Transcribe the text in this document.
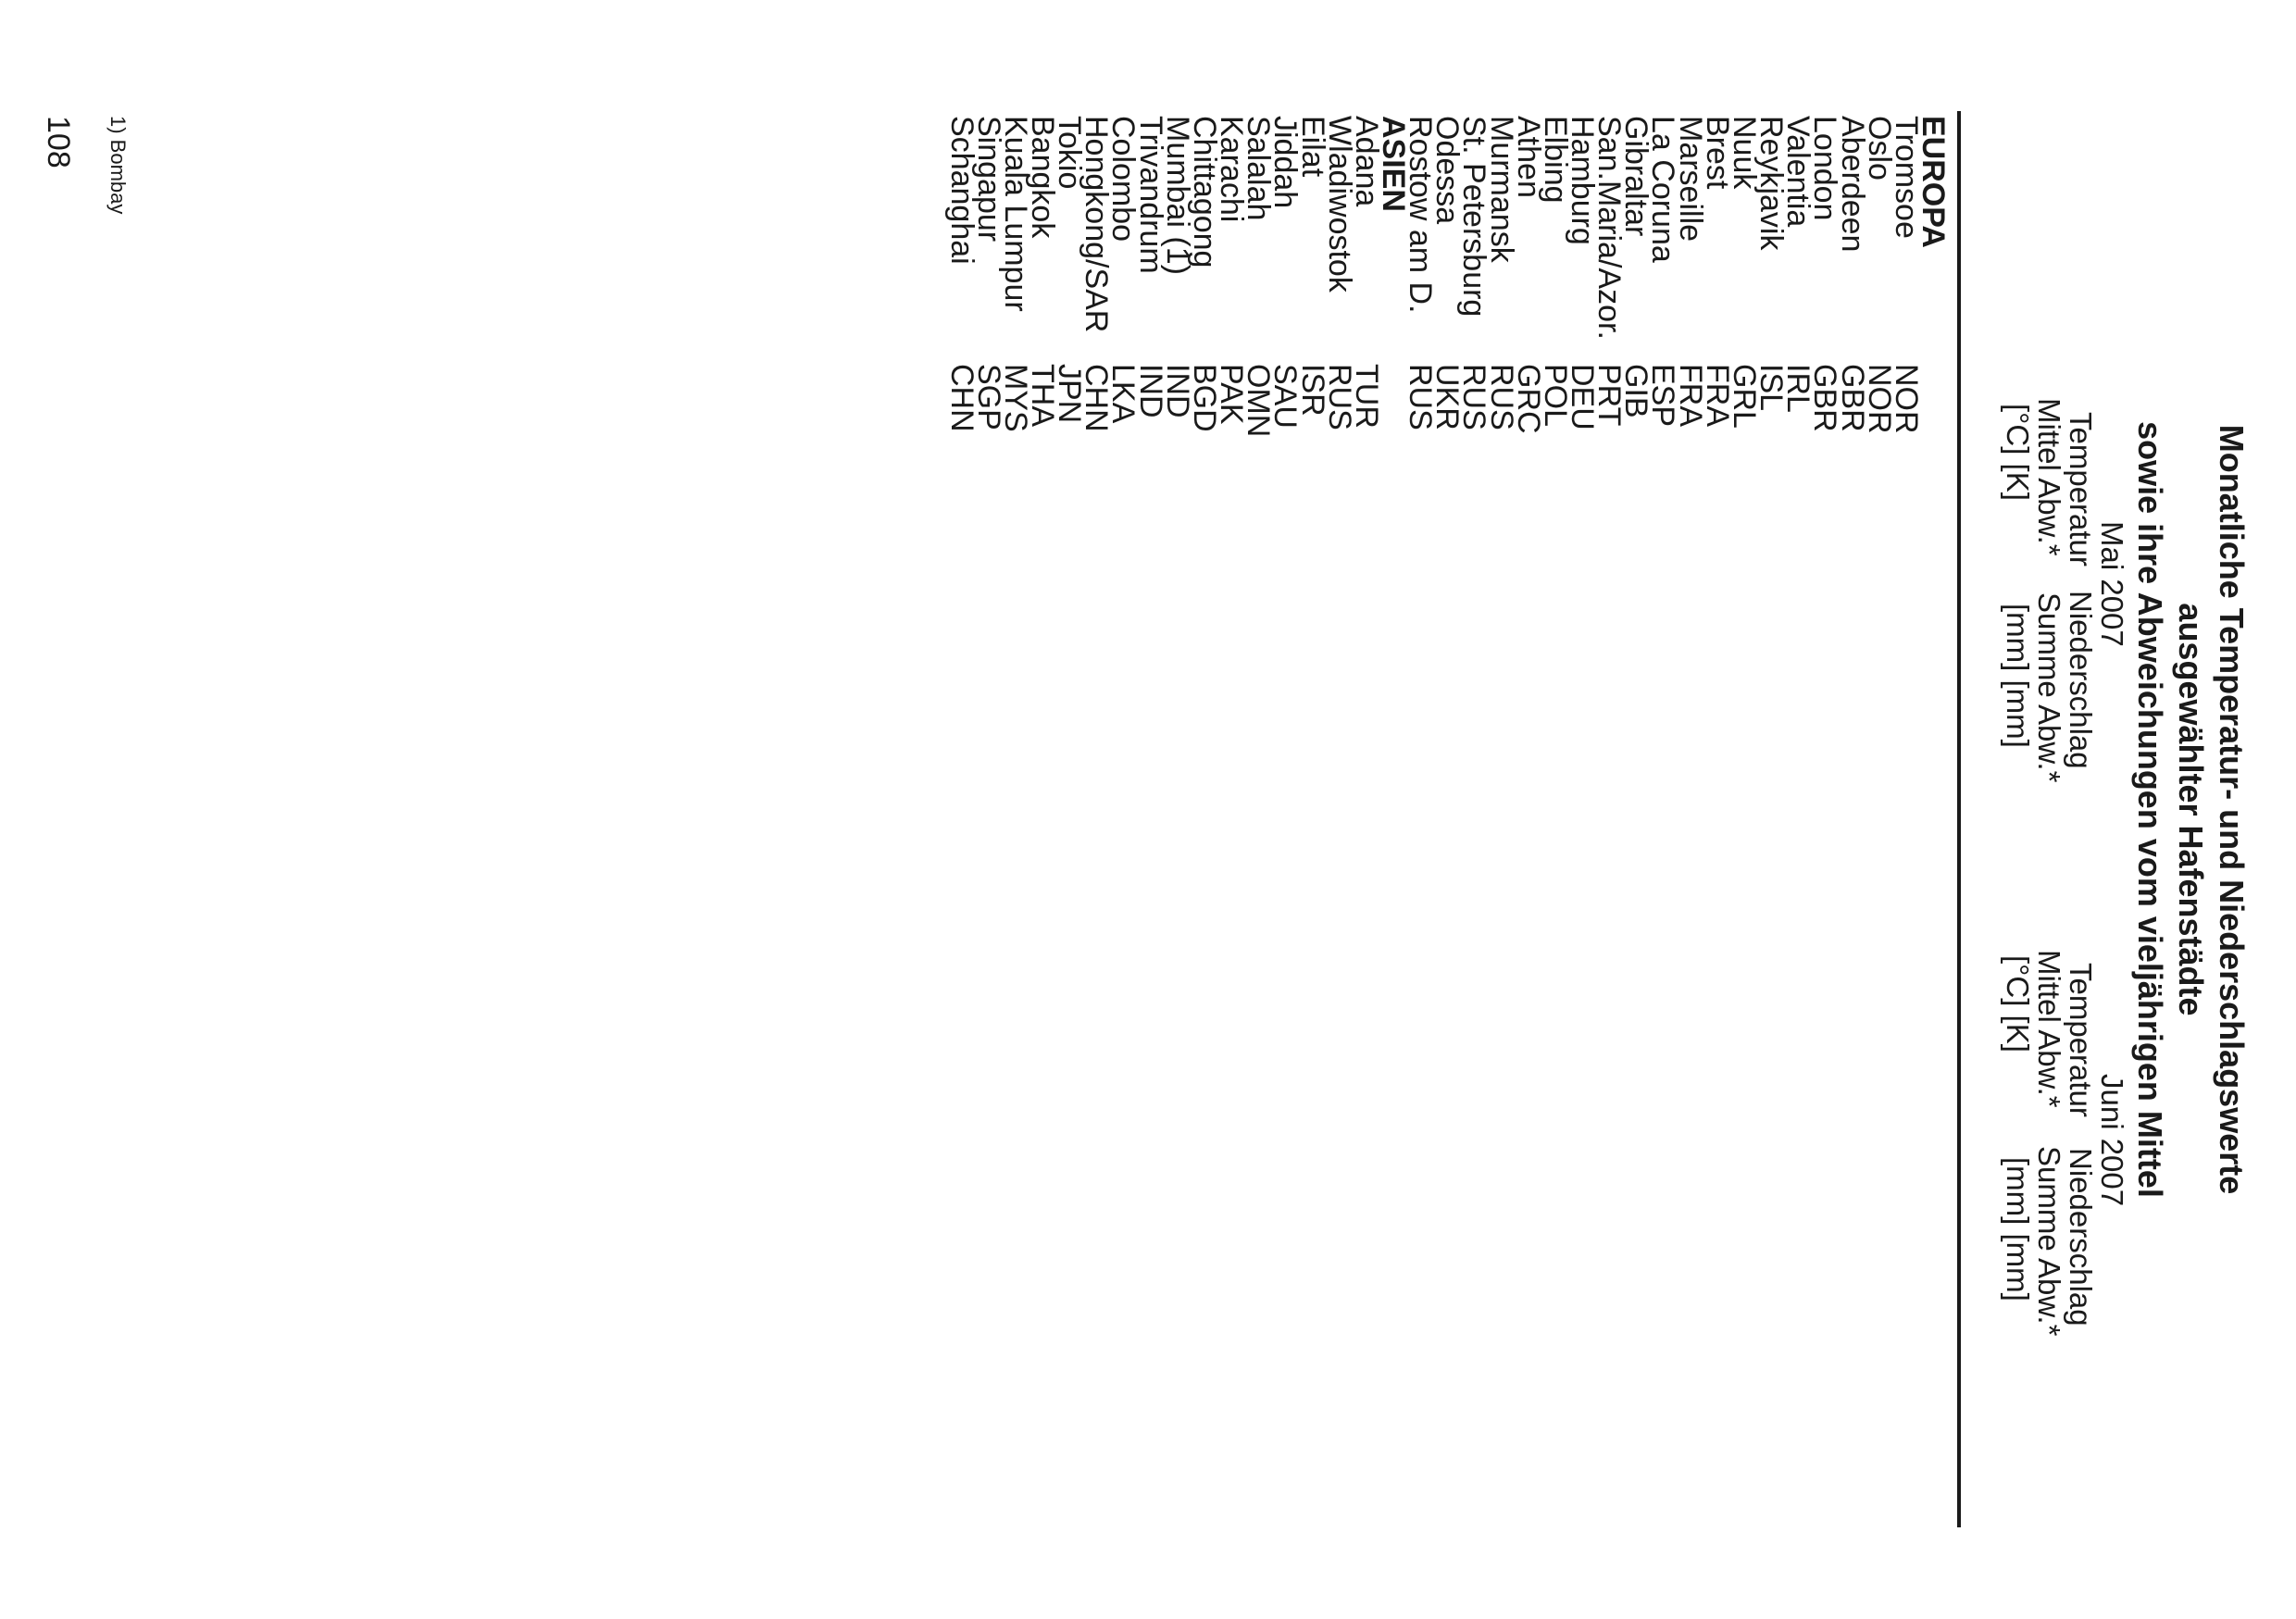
Monatliche Temperatur- und Niederschlagswerte
ausgewählter Hafenstädte
sowie ihre Abweichungen vom vieljährigen Mittel
Mai 2007
Temperatur
Niederschlag
Mittel Abw.*
Summe Abw.*
[°C] [K]
[mm] [mm]
Juni 2007
Temperatur
Niederschlag
Mittel Abw.*
Summe Abw.*
[°C] [K]
[mm] [mm]
EUROPA
Tromsoe
NOR
Oslo
NOR
Aberdeen
GBR
London
GBR
Valentia
IRL
Reykjavik
ISL
Nuuk
GRL
Brest
FRA
Marseille
FRA
La Coruna
ESP
Gibraltar
GIB
San.Maria/Azor.
PRT
Hamburg
DEU
Elbing
POL
Athen
GRC
Murmansk
RUS
St. Petersburg
RUS
Odessa
UKR
Rostow am D.
RUS
ASIEN
Adana
TUR
Wladiwostok
RUS
Eilat
ISR
Jiddah
SAU
Salalah
OMN
Karachi
PAK
Chittagong
BGD
Mumbai (1)
IND
Trivandrum
IND
Colombo
LKA
Hongkong/SAR
CHN
Tokio
JPN
Bangkok
THA
Kuala Lumpur
MYS
Singapur
SGP
Schanghai
CHN
1) Bombay
108
